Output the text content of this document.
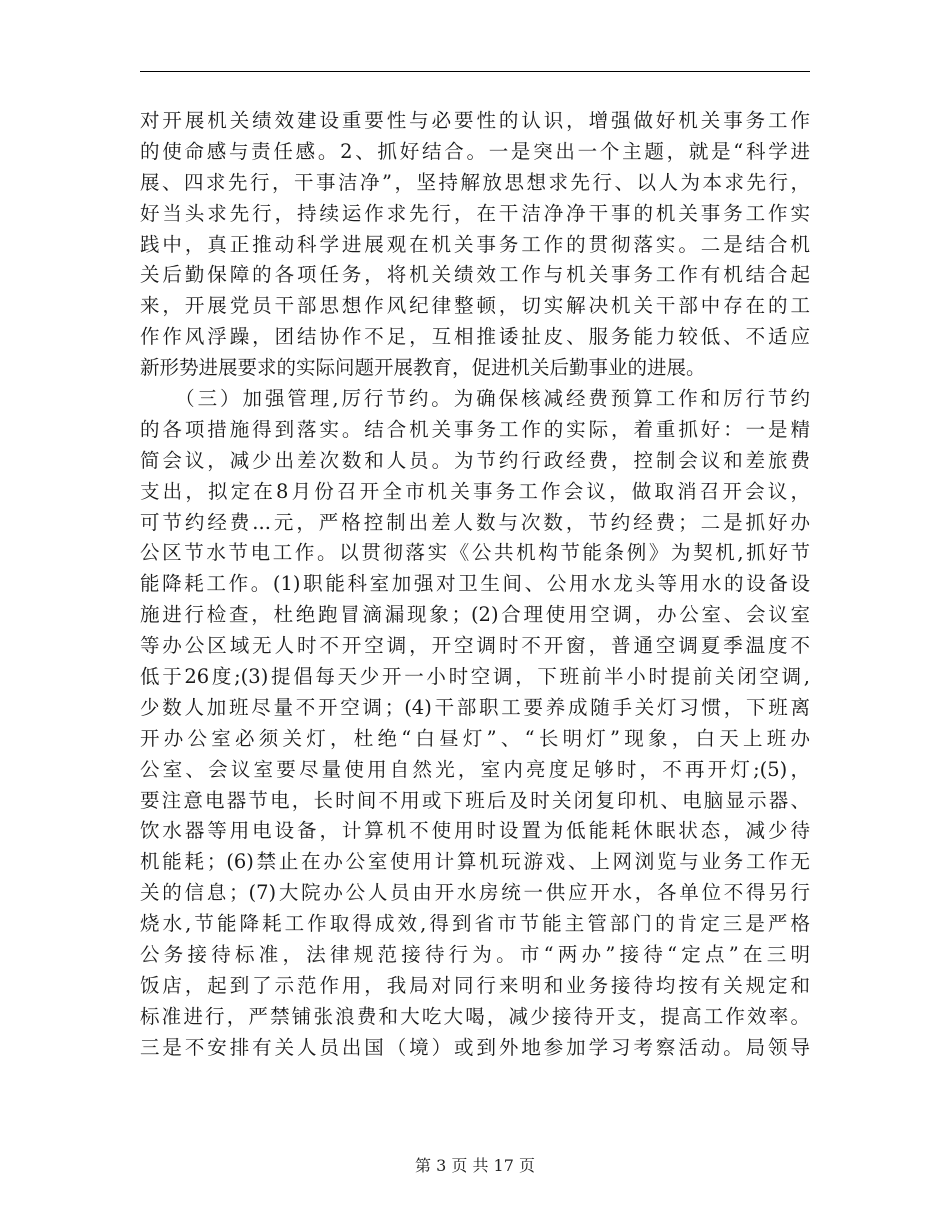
对开展机关绩效建设重要性与必要性的认识，增强做好机关事务工作
的使命感与责任感。2、抓好结合。一是突出一个主题，就是“科学进
展、四求先行，干事洁净”，坚持解放思想求先行、以人为本求先行，
好当头求先行，持续运作求先行，在干洁净净干事的机关事务工作实
践中，真正推动科学进展观在机关事务工作的贯彻落实。二是结合机
关后勤保障的各项任务，将机关绩效工作与机关事务工作有机结合起
来，开展党员干部思想作风纪律整顿，切实解决机关干部中存在的工
作作风浮躁，团结协作不足，互相推诿扯皮、服务能力较低、不适应
新形势进展要求的实际问题开展教育，促进机关后勤事业的进展。
　　（三）加强管理,厉行节约。为确保核减经费预算工作和厉行节约
的各项措施得到落实。结合机关事务工作的实际，着重抓好：一是精
简会议，减少出差次数和人员。为节约行政经费，控制会议和差旅费
支出，拟定在8月份召开全市机关事务工作会议，做取消召开会议，
可节约经费...元，严格控制出差人数与次数，节约经费；二是抓好办
公区节水节电工作。以贯彻落实《公共机构节能条例》为契机,抓好节
能降耗工作。(1)职能科室加强对卫生间、公用水龙头等用水的设备设
施进行检查，杜绝跑冒滴漏现象；(2)合理使用空调，办公室、会议室
等办公区域无人时不开空调，开空调时不开窗，普通空调夏季温度不
低于26度;(3)提倡每天少开一小时空调，下班前半小时提前关闭空调,
少数人加班尽量不开空调；(4)干部职工要养成随手关灯习惯，下班离
开办公室必须关灯，杜绝“白昼灯”、“长明灯”现象，白天上班办
公室、会议室要尽量使用自然光，室内亮度足够时，不再开灯;(5)，
要注意电器节电，长时间不用或下班后及时关闭复印机、电脑显示器、
饮水器等用电设备，计算机不使用时设置为低能耗休眠状态，减少待
机能耗；(6)禁止在办公室使用计算机玩游戏、上网浏览与业务工作无
关的信息；(7)大院办公人员由开水房统一供应开水，各单位不得另行
烧水,节能降耗工作取得成效,得到省市节能主管部门的肯定三是严格
公务接待标准，法律规范接待行为。市“两办”接待“定点”在三明
饭店，起到了示范作用，我局对同行来明和业务接待均按有关规定和
标准进行，严禁铺张浪费和大吃大喝，减少接待开支，提高工作效率。
三是不安排有关人员出国（境）或到外地参加学习考察活动。局领导
第 3 页 共 17 页
